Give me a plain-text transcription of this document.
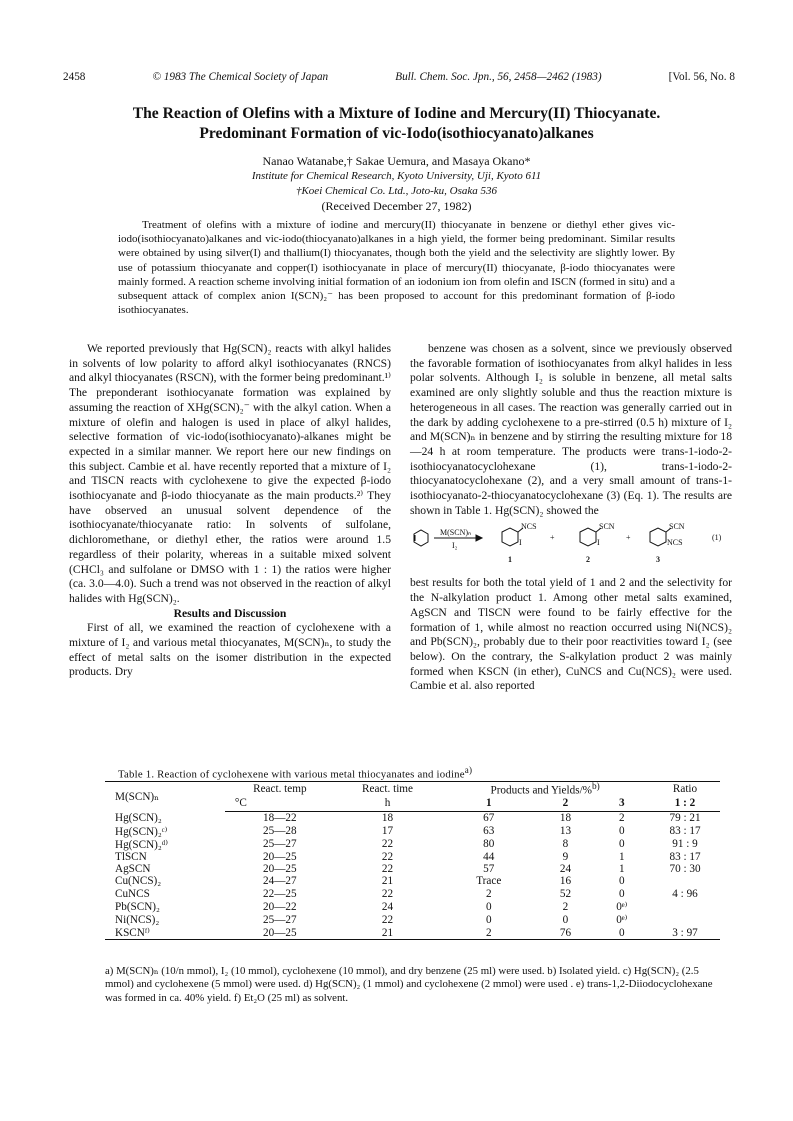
2458	© 1983 The Chemical Society of Japan	Bull. Chem. Soc. Jpn., 56, 2458—2462 (1983)	[Vol. 56, No. 8
The Reaction of Olefins with a Mixture of Iodine and Mercury(II) Thiocyanate.
Predominant Formation of vic-Iodo(isothiocyanato)alkanes
Nanao Watanabe,† Sakae Uemura, and Masaya Okano*
Institute for Chemical Research, Kyoto University, Uji, Kyoto 611
†Koei Chemical Co. Ltd., Joto-ku, Osaka 536
(Received December 27, 1982)
Treatment of olefins with a mixture of iodine and mercury(II) thiocyanate in benzene or diethyl ether gives vic-iodo(isothiocyanato)alkanes and vic-iodo(thiocyanato)alkanes in a high yield, the former being predominant. Similar results were obtained by using silver(I) and thallium(I) thiocyanates, though both the yield and the selectivity are slightly lower. By use of potassium thiocyanate and copper(I) isothiocyanate in place of mercury(II) thiocyanate, β-iodo thiocyanates were mainly formed. A reaction scheme involving initial formation of an iodonium ion from olefin and ISCN (formed in situ) and a subsequent attack of complex anion I(SCN)₂⁻ has been proposed to account for this predominant formation of β-iodo isothiocyanates.

We reported previously that Hg(SCN)₂ reacts with alkyl halides in solvents of low polarity to afford alkyl isothiocyanates (RNCS) and alkyl thiocyanates (RSCN), with the former being predominant.¹⁾ The preponderant isothiocyanate formation was explained by assuming the reaction of XHg(SCN)₂⁻ with the alkyl cation. When a mixture of olefin and halogen is used in place of alkyl halides, selective formation of vic-iodo(isothiocyanato)-alkanes might be expected in a similar manner. We report here our new findings on this subject. Cambie et al. have recently reported that a mixture of I₂ and TlSCN reacts with cyclohexene to give the expected β-iodo isothiocyanate and β-iodo thiocyanate as the main products.²⁾ They have observed an unusual solvent dependence of the isothiocyanate/thiocyanate ratio: In solvents of sulfolane, dichloromethane, or diethyl ether, the ratios were around 1.5 regardless of their polarity, whereas in a suitable mixed solvent (CHCl₃ and sulfolane or DMSO with 1 : 1) the ratios were higher (ca. 3.0—4.0). Such a trend was not observed in the reaction of alkyl halides with Hg(SCN)₂.

Results and Discussion

First of all, we examined the reaction of cyclohexene with a mixture of I₂ and various metal thiocyanates, M(SCN)ₙ, to study the effect of metal salts on the isomer distribution in the expected products. Dry

benzene was chosen as a solvent, since we previously observed the favorable formation of isothiocyanates from alkyl halides in less polar solvents. Although I₂ is soluble in benzene, all metal salts examined are only slightly soluble and thus the reaction mixture is heterogeneous in all cases. The reaction was generally carried out in the dark by adding cyclohexene to a pre-stirred (0.5 h) mixture of I₂ and M(SCN)ₙ in benzene and by stirring the resulting mixture for 18—24 h at room temperature. The products were trans-1-iodo-2-isothiocyanatocyclohexane (1), trans-1-iodo-2-thiocyanatocyclohexane (2), and a very small amount of trans-1-isothiocyanato-2-thiocyanatocyclohexane (3) (Eq. 1). The results are shown in Table 1. Hg(SCN)₂ showed the

M(SCN)ₙ
I₂
NCS
I
+
SCN
I
+
SCN
NCS
(1)
1	2	3

best results for both the total yield of 1 and 2 and the selectivity for the N-alkylation product 1. Among other metal salts examined, AgSCN and TlSCN were found to be fairly effective for the formation of 1, while almost no reaction occurred using Ni(NCS)₂ and Pb(SCN)₂, probably due to their poor reactivities toward I₂ (see below). On the contrary, the S-alkylation product 2 was mainly formed when KSCN (in ether), CuNCS and Cu(NCS)₂ were used. Cambie et al. also reported

Table 1. Reaction of cyclohexene with various metal thiocyanates and iodine$^{a)}$
M(SCN)ₙ	React. temp	React. time	Products and Yields/%$^{b)}$			Ratio
	°C	h	1	2	3	1 : 2
Hg(SCN)₂	18—22	18	67	18	2	79 : 21
Hg(SCN)₂ᶜ⁾	25—28	17	63	13	0	83 : 17
Hg(SCN)₂ᵈ⁾	25—27	22	80	8	0	91 : 9
TlSCN	20—25	22	44	9	1	83 : 17
AgSCN	20—25	22	57	24	1	70 : 30
Cu(NCS)₂	24—27	21	Trace	16	0	
CuNCS	22—25	22	2	52	0	4 : 96
Pb(SCN)₂	20—22	24	0	2	0ᵉ⁾	
Ni(NCS)₂	25—27	22	0	0	0ᵉ⁾	
KSCNᶠ⁾	20—25	21	2	76	0	3 : 97
a) M(SCN)ₙ (10/n mmol), I₂ (10 mmol), cyclohexene (10 mmol), and dry benzene (25 ml) were used. b) Isolated yield. c) Hg(SCN)₂ (2.5 mmol) and cyclohexene (5 mmol) were used. d) Hg(SCN)₂ (1 mmol) and cyclohexene (2 mmol) were used . e) trans-1,2-Diiodocyclohexane was formed in ca. 40% yield. f) Et₂O (25 ml) as solvent.
